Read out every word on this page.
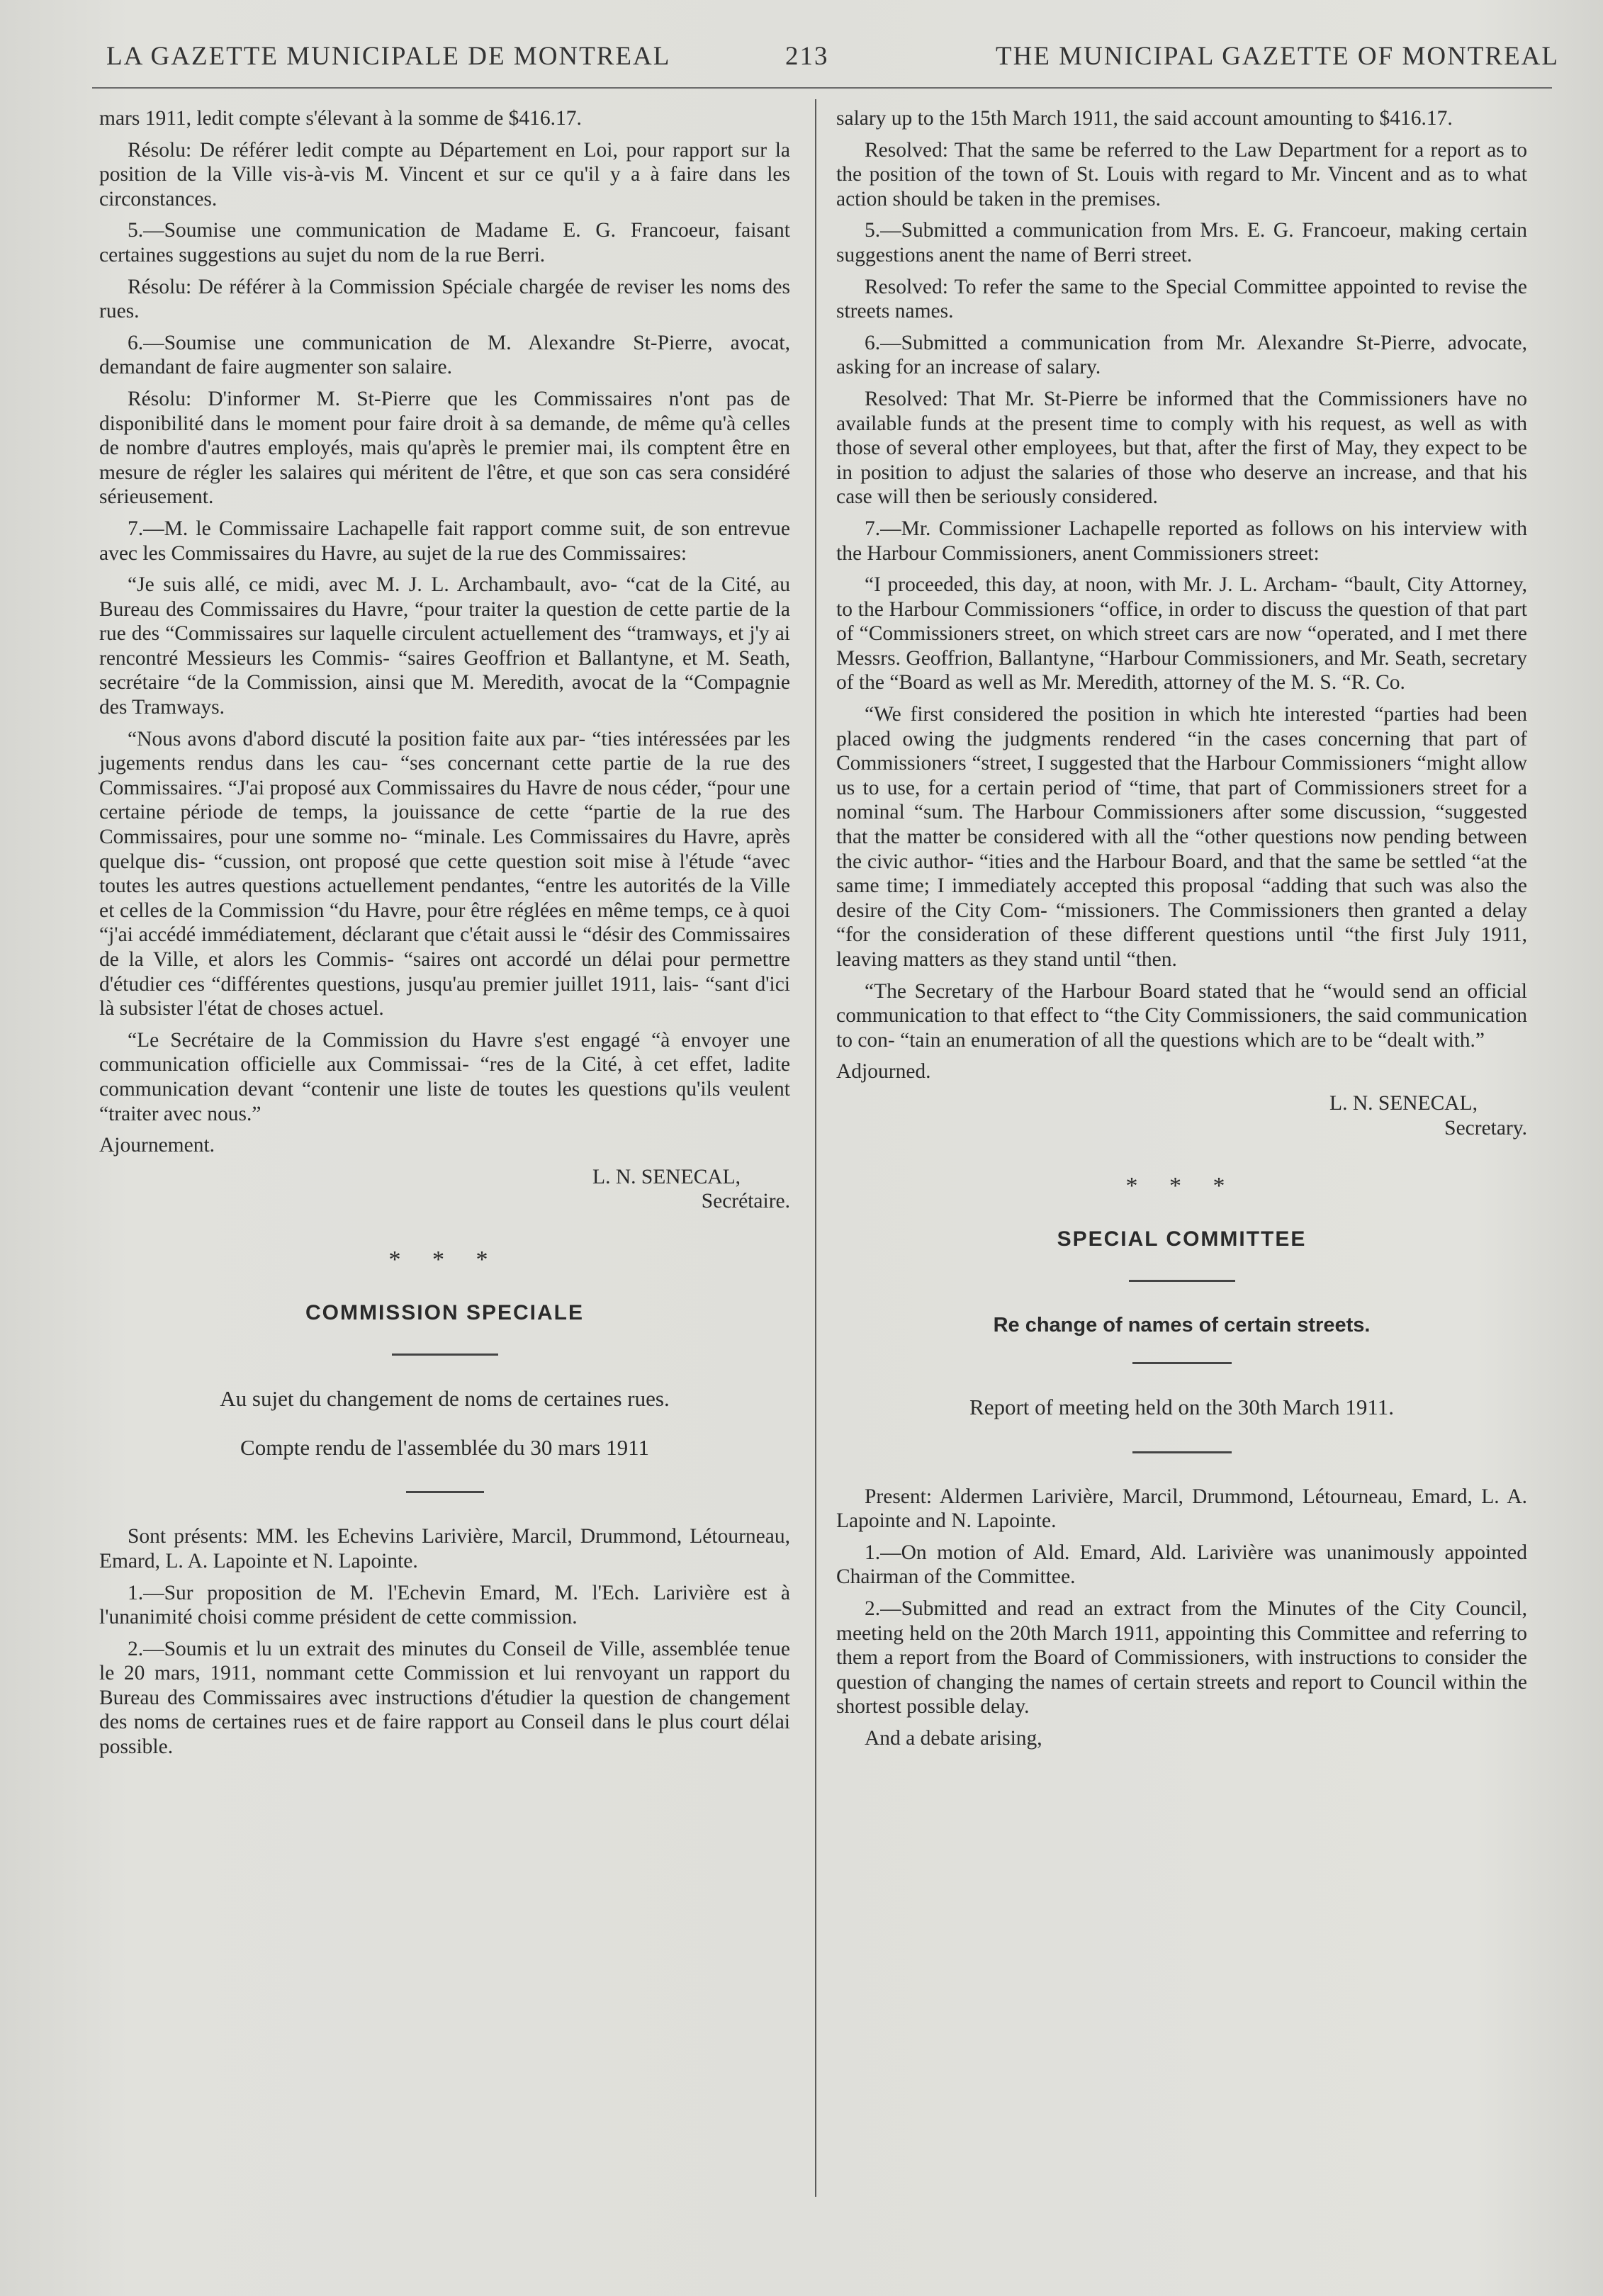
LA GAZETTE MUNICIPALE DE MONTREAL	213	THE MUNICIPAL GAZETTE OF MONTREAL

mars 1911, ledit compte s'élevant à la somme de $416.17.

Résolu: De référer ledit compte au Département en Loi, pour rapport sur la position de la Ville vis-à-vis M. Vincent et sur ce qu'il y a à faire dans les circonstances.

5.—Soumise une communication de Madame E. G. Francoeur, faisant certaines suggestions au sujet du nom de la rue Berri.

Résolu: De référer à la Commission Spéciale chargée de reviser les noms des rues.

6.—Soumise une communication de M. Alexandre St-Pierre, avocat, demandant de faire augmenter son salaire.

Résolu: D'informer M. St-Pierre que les Commissaires n'ont pas de disponibilité dans le moment pour faire droit à sa demande, de même qu'à celles de nombre d'autres employés, mais qu'après le premier mai, ils comptent être en mesure de régler les salaires qui méritent de l'être, et que son cas sera considéré sérieusement.

7.—M. le Commissaire Lachapelle fait rapport comme suit, de son entrevue avec les Commissaires du Havre, au sujet de la rue des Commissaires:

“Je suis allé, ce midi, avec M. J. L. Archambault, avo- “cat de la Cité, au Bureau des Commissaires du Havre, “pour traiter la question de cette partie de la rue des “Commissaires sur laquelle circulent actuellement des “tramways, et j'y ai rencontré Messieurs les Commis- “saires Geoffrion et Ballantyne, et M. Seath, secrétaire “de la Commission, ainsi que M. Meredith, avocat de la “Compagnie des Tramways.

“Nous avons d'abord discuté la position faite aux par- “ties intéressées par les jugements rendus dans les cau- “ses concernant cette partie de la rue des Commissaires. “J'ai proposé aux Commissaires du Havre de nous céder, “pour une certaine période de temps, la jouissance de cette “partie de la rue des Commissaires, pour une somme no- “minale. Les Commissaires du Havre, après quelque dis- “cussion, ont proposé que cette question soit mise à l'étude “avec toutes les autres questions actuellement pendantes, “entre les autorités de la Ville et celles de la Commission “du Havre, pour être réglées en même temps, ce à quoi “j'ai accédé immédiatement, déclarant que c'était aussi le “désir des Commissaires de la Ville, et alors les Commis- “saires ont accordé un délai pour permettre d'étudier ces “différentes questions, jusqu'au premier juillet 1911, lais- “sant d'ici là subsister l'état de choses actuel.

“Le Secrétaire de la Commission du Havre s'est engagé “à envoyer une communication officielle aux Commissai- “res de la Cité, à cet effet, ladite communication devant “contenir une liste de toutes les questions qu'ils veulent “traiter avec nous.”

Ajournement.

L. N. SENECAL,
Secrétaire.
* * *
COMMISSION SPECIALE
Au sujet du changement de noms de certaines rues.
Compte rendu de l'assemblée du 30 mars 1911

Sont présents: MM. les Echevins Larivière, Marcil, Drummond, Létourneau, Emard, L. A. Lapointe et N. Lapointe.

1.—Sur proposition de M. l'Echevin Emard, M. l'Ech. Larivière est à l'unanimité choisi comme président de cette commission.

2.—Soumis et lu un extrait des minutes du Conseil de Ville, assemblée tenue le 20 mars, 1911, nommant cette Commission et lui renvoyant un rapport du Bureau des Commissaires avec instructions d'étudier la question de changement des noms de certaines rues et de faire rapport au Conseil dans le plus court délai possible.

salary up to the 15th March 1911, the said account amounting to $416.17.

Resolved: That the same be referred to the Law Department for a report as to the position of the town of St. Louis with regard to Mr. Vincent and as to what action should be taken in the premises.

5.—Submitted a communication from Mrs. E. G. Francoeur, making certain suggestions anent the name of Berri street.

Resolved: To refer the same to the Special Committee appointed to revise the streets names.

6.—Submitted a communication from Mr. Alexandre St-Pierre, advocate, asking for an increase of salary.

Resolved: That Mr. St-Pierre be informed that the Commissioners have no available funds at the present time to comply with his request, as well as with those of several other employees, but that, after the first of May, they expect to be in position to adjust the salaries of those who deserve an increase, and that his case will then be seriously considered.

7.—Mr. Commissioner Lachapelle reported as follows on his interview with the Harbour Commissioners, anent Commissioners street:

“I proceeded, this day, at noon, with Mr. J. L. Archam- “bault, City Attorney, to the Harbour Commissioners “office, in order to discuss the question of that part of “Commissioners street, on which street cars are now “operated, and I met there Messrs. Geoffrion, Ballantyne, “Harbour Commissioners, and Mr. Seath, secretary of the “Board as well as Mr. Meredith, attorney of the M. S. “R. Co.

“We first considered the position in which hte interested “parties had been placed owing the judgments rendered “in the cases concerning that part of Commissioners “street, I suggested that the Harbour Commissioners “might allow us to use, for a certain period of “time, that part of Commissioners street for a nominal “sum. The Harbour Commissioners after some discussion, “suggested that the matter be considered with all the “other questions now pending between the civic author- “ities and the Harbour Board, and that the same be settled “at the same time; I immediately accepted this proposal “adding that such was also the desire of the City Com- “missioners. The Commissioners then granted a delay “for the consideration of these different questions until “the first July 1911, leaving matters as they stand until “then.

“The Secretary of the Harbour Board stated that he “would send an official communication to that effect to “the City Commissioners, the said communication to con- “tain an enumeration of all the questions which are to be “dealt with.”

Adjourned.

L. N. SENECAL,
Secretary.
* * *
SPECIAL COMMITTEE
Re change of names of certain streets.
Report of meeting held on the 30th March 1911.

Present: Aldermen Larivière, Marcil, Drummond, Létourneau, Emard, L. A. Lapointe and N. Lapointe.

1.—On motion of Ald. Emard, Ald. Larivière was unanimously appointed Chairman of the Committee.

2.—Submitted and read an extract from the Minutes of the City Council, meeting held on the 20th March 1911, appointing this Committee and referring to them a report from the Board of Commissioners, with instructions to consider the question of changing the names of certain streets and report to Council within the shortest possible delay.

And a debate arising,
